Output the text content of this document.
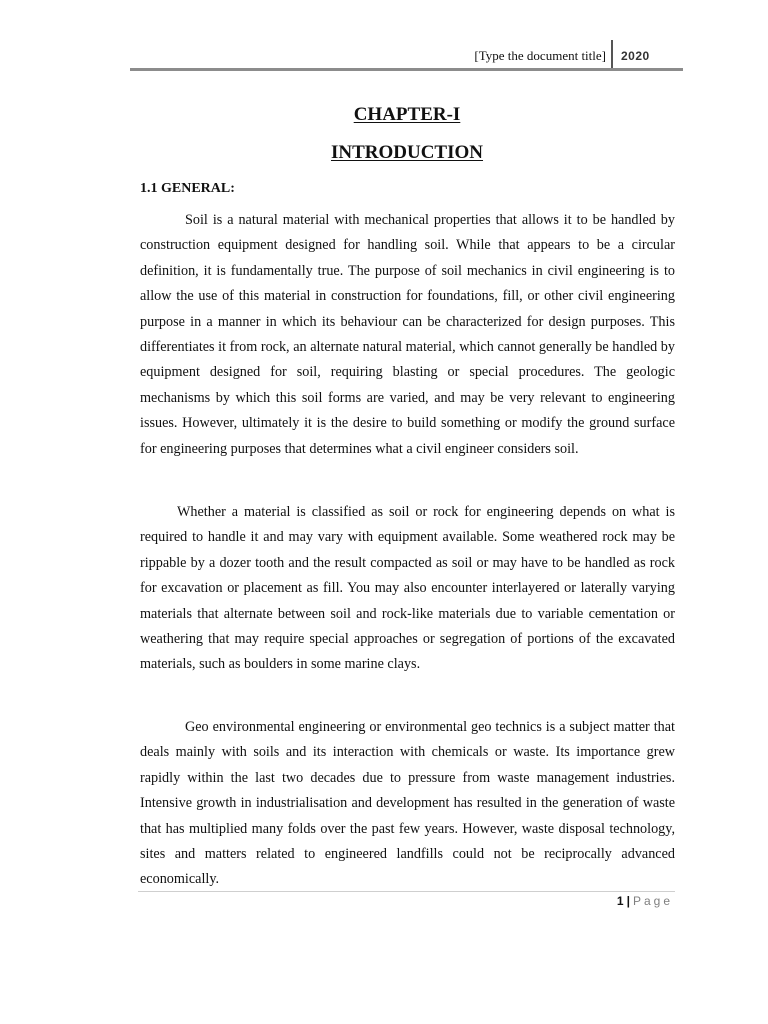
[Type the document title] 2020
CHAPTER-I
INTRODUCTION
1.1 GENERAL:

Soil is a natural material with mechanical properties that allows it to be handled by construction equipment designed for handling soil. While that appears to be a circular definition, it is fundamentally true. The purpose of soil mechanics in civil engineering is to allow the use of this material in construction for foundations, fill, or other civil engineering purpose in a manner in which its behaviour can be characterized for design purposes. This differentiates it from rock, an alternate natural material, which cannot generally be handled by equipment designed for soil, requiring blasting or special procedures. The geologic mechanisms by which this soil forms are varied, and may be very relevant to engineering issues. However, ultimately it is the desire to build something or modify the ground surface for engineering purposes that determines what a civil engineer considers soil.

Whether a material is classified as soil or rock for engineering depends on what is required to handle it and may vary with equipment available. Some weathered rock may be rippable by a dozer tooth and the result compacted as soil or may have to be handled as rock for excavation or placement as fill. You may also encounter interlayered or laterally varying materials that alternate between soil and rock-like materials due to variable cementation or weathering that may require special approaches or segregation of portions of the excavated materials, such as boulders in some marine clays.

Geo environmental engineering or environmental geo technics is a subject matter that deals mainly with soils and its interaction with chemicals or waste. Its importance grew rapidly within the last two decades due to pressure from waste management industries. Intensive growth in industrialisation and development has resulted in the generation of waste that has multiplied many folds over the past few years. However, waste disposal technology, sites and matters related to engineered landfills could not be reciprocally advanced economically.

1 | Page
